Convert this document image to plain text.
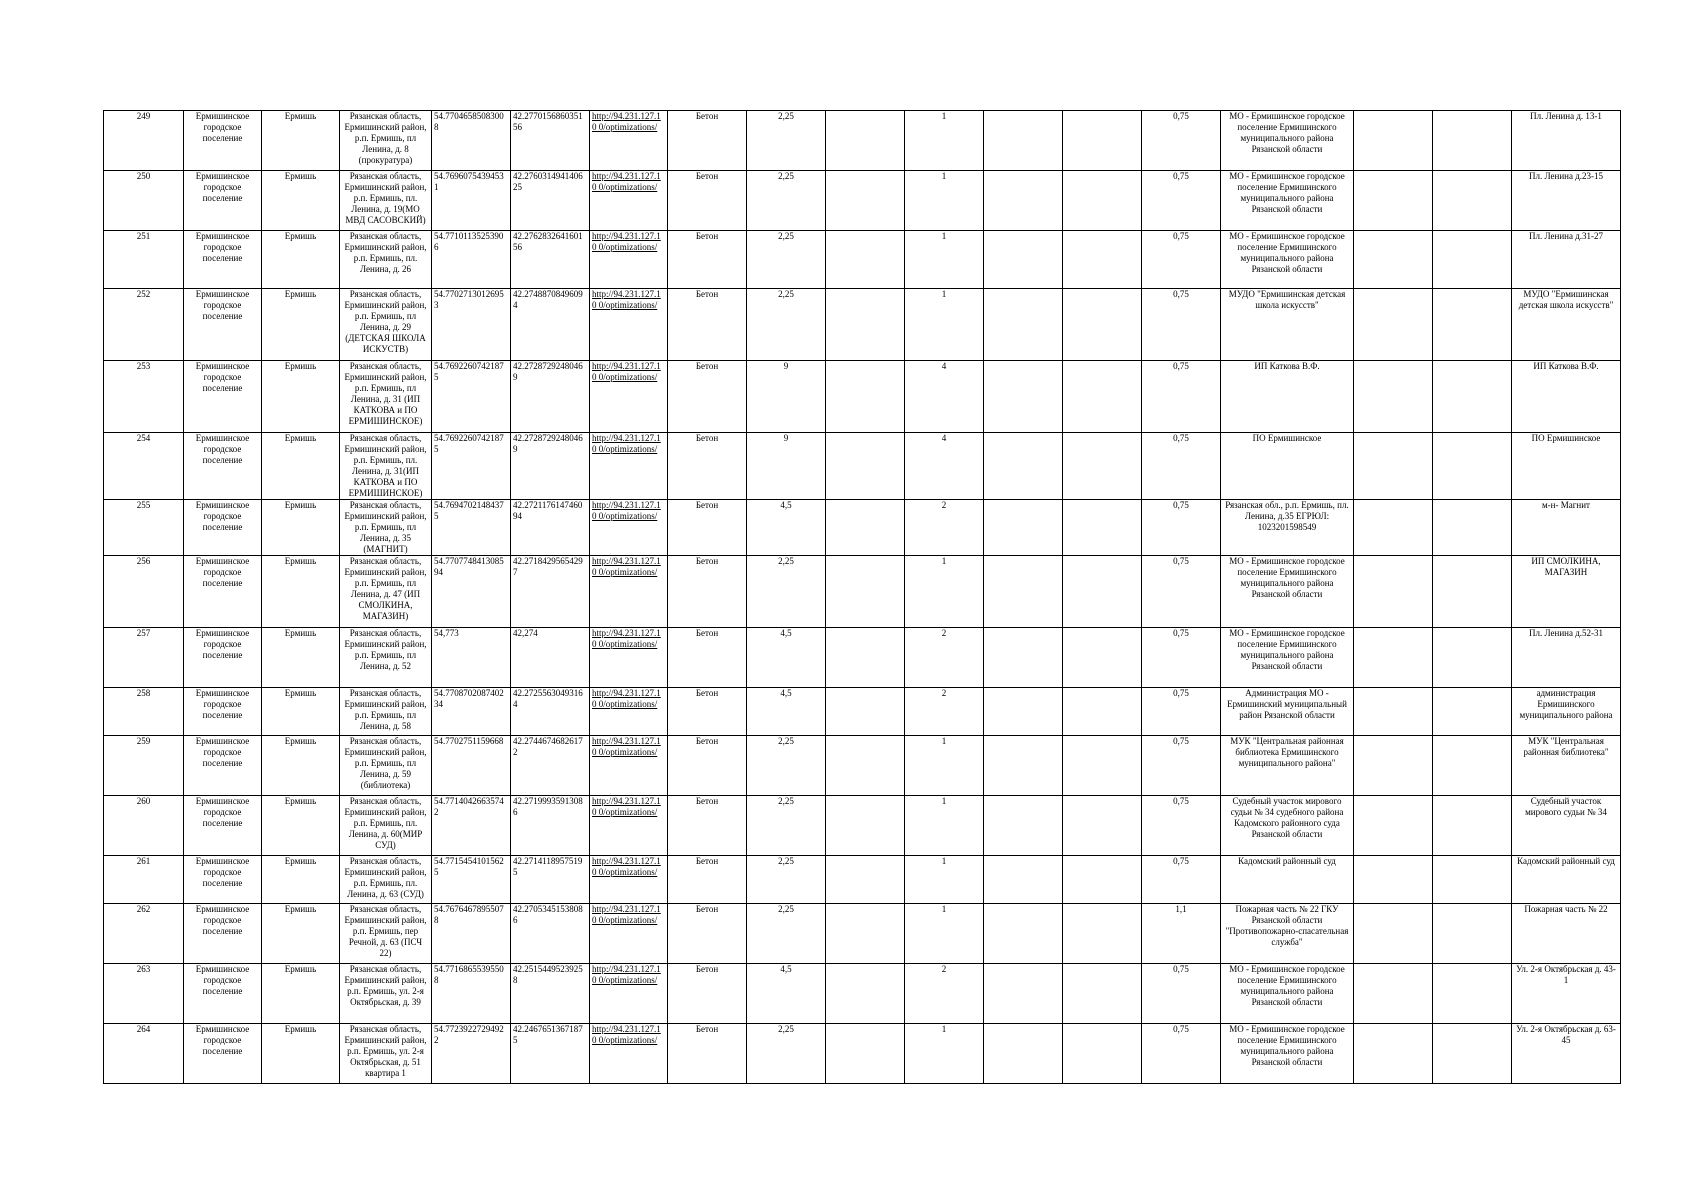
249	Ермишинское городское поселение	Ермишь	Рязанская область, Ермишинский район, р.п. Ермишь, пл Ленина, д. 8 (прокуратура)	54.7704658508300 8	42.2770156860351 56	http://94.231.127.10 0/optimizations/	Бетон	2,25		1			0,75	МО - Ермишинское городское поселение Ермишинского муниципального района Рязанской области			Пл. Ленина д. 13-1
250	Ермишинское городское поселение	Ермишь	Рязанская область, Ермишинский район, р.п. Ермишь, пл. Ленина, д. 19(МО МВД САСОВСКИЙ)	54.7696075439453 1	42.2760314941406 25	http://94.231.127.10 0/optimizations/	Бетон	2,25		1			0,75	МО - Ермишинское городское поселение Ермишинского муниципального района Рязанской области			Пл. Ленина д.23-15
251	Ермишинское городское поселение	Ермишь	Рязанская область, Ермишинский район, р.п. Ермишь, пл. Ленина, д. 26	54.7710113525390 6	42.2762832641601 56	http://94.231.127.10 0/optimizations/	Бетон	2,25		1			0,75	МО - Ермишинское городское поселение Ермишинского муниципального района Рязанской области			Пл. Ленина д.31-27
252	Ермишинское городское поселение	Ермишь	Рязанская область, Ермишинский район, р.п. Ермишь, пл Ленина, д. 29 (ДЕТСКАЯ ШКОЛА ИСКУСТВ)	54.7702713012695 3	42.2748870849609 4	http://94.231.127.10 0/optimizations/	Бетон	2,25		1			0,75	МУДО "Ермишинская детская школа искусств"			МУДО "Ермишинская детская школа искусств"
253	Ермишинское городское поселение	Ермишь	Рязанская область, Ермишинский район, р.п. Ермишь, пл Ленина, д. 31 (ИП КАТКОВА и ПО ЕРМИШИНСКОЕ)	54.7692260742187 5	42.2728729248046 9	http://94.231.127.10 0/optimizations/	Бетон	9		4			0,75	ИП Каткова В.Ф.			ИП Каткова В.Ф.
254	Ермишинское городское поселение	Ермишь	Рязанская область, Ермишинский район, р.п. Ермишь, пл. Ленина, д. 31(ИП КАТКОВА и ПО ЕРМИШИНСКОЕ)	54.7692260742187 5	42.2728729248046 9	http://94.231.127.10 0/optimizations/	Бетон	9		4			0,75	ПО Ермишинское			ПО Ермишинское
255	Ермишинское городское поселение	Ермишь	Рязанская область, Ермишинский район, р.п. Ермишь, пл Ленина, д. 35 (МАГНИТ)	54.7694702148437 5	42.2721176147460 94	http://94.231.127.10 0/optimizations/	Бетон	4,5		2			0,75	Рязанская обл., р.п. Ермишь, пл. Ленина, д.35 ЕГРЮЛ: 1023201598549			м-н- Магнит
256	Ермишинское городское поселение	Ермишь	Рязанская область, Ермишинский район, р.п. Ермишь, пл Ленина, д. 47 (ИП СМОЛКИНА, МАГАЗИН)	54.7707748413085 94	42.2718429565429 7	http://94.231.127.10 0/optimizations/	Бетон	2,25		1			0,75	МО - Ермишинское городское поселение Ермишинского муниципального района Рязанской области			ИП СМОЛКИНА, МАГАЗИН
257	Ермишинское городское поселение	Ермишь	Рязанская область, Ермишинский район, р.п. Ермишь, пл Ленина, д. 52	54,773	42,274	http://94.231.127.10 0/optimizations/	Бетон	4,5		2			0,75	МО - Ермишинское городское поселение Ермишинского муниципального района Рязанской области			Пл. Ленина д.52-31
258	Ермишинское городское поселение	Ермишь	Рязанская область, Ермишинский район, р.п. Ермишь, пл Ленина, д. 58	54.7708702087402 34	42.2725563049316 4	http://94.231.127.10 0/optimizations/	Бетон	4,5		2			0,75	Администрация МО - Ермишинский муниципальный район Рязанской области			администрация Ермишинского муниципального района
259	Ермишинское городское поселение	Ермишь	Рязанская область, Ермишинский район, р.п. Ермишь, пл Ленина, д. 59 (библиотека)	54.7702751159668	42.2744674682617 2	http://94.231.127.10 0/optimizations/	Бетон	2,25		1			0,75	МУК "Центральная районная библиотека Ермишинского муниципального района"			МУК "Центральная районная библиотека"
260	Ермишинское городское поселение	Ермишь	Рязанская область, Ермишинский район, р.п. Ермишь, пл. Ленина, д. 60(МИР СУД)	54.7714042663574 2	42.2719993591308 6	http://94.231.127.10 0/optimizations/	Бетон	2,25		1			0,75	Судебный участок мирового судьи № 34 судебного района Кадомского районного суда Рязанской области			Судебный участок мирового судьи № 34
261	Ермишинское городское поселение	Ермишь	Рязанская область, Ермишинский район, р.п. Ермишь, пл. Ленина, д. 63 (СУД)	54.7715454101562 5	42.2714118957519 5	http://94.231.127.10 0/optimizations/	Бетон	2,25		1			0,75	Кадомский районный суд			Кадомский районный суд
262	Ермишинское городское поселение	Ермишь	Рязанская область, Ермишинский район, р.п. Ермишь, пер Речной, д. 63 (ПСЧ 22)	54.7676467895507 8	42.2705345153808 6	http://94.231.127.10 0/optimizations/	Бетон	2,25		1			1,1	Пожарная часть № 22 ГКУ Рязанской области "Противопожарно-спасательная служба"			Пожарная часть № 22
263	Ермишинское городское поселение	Ермишь	Рязанская область, Ермишинский район, р.п. Ермишь, ул. 2-я Октябрьская, д. 39	54.7716865539550 8	42.2515449523925 8	http://94.231.127.10 0/optimizations/	Бетон	4,5		2			0,75	МО - Ермишинское городское поселение Ермишинского муниципального района Рязанской области			Ул. 2-я Октябрьская д. 43-1
264	Ермишинское городское поселение	Ермишь	Рязанская область, Ермишинский район, р.п. Ермишь, ул. 2-я Октябрьская, д. 51 квартира 1	54.7723922729492 2	42.2467651367187 5	http://94.231.127.10 0/optimizations/	Бетон	2,25		1			0,75	МО - Ермишинское городское поселение Ермишинского муниципального района Рязанской области			Ул. 2-я Октябрьская д. 63-45
